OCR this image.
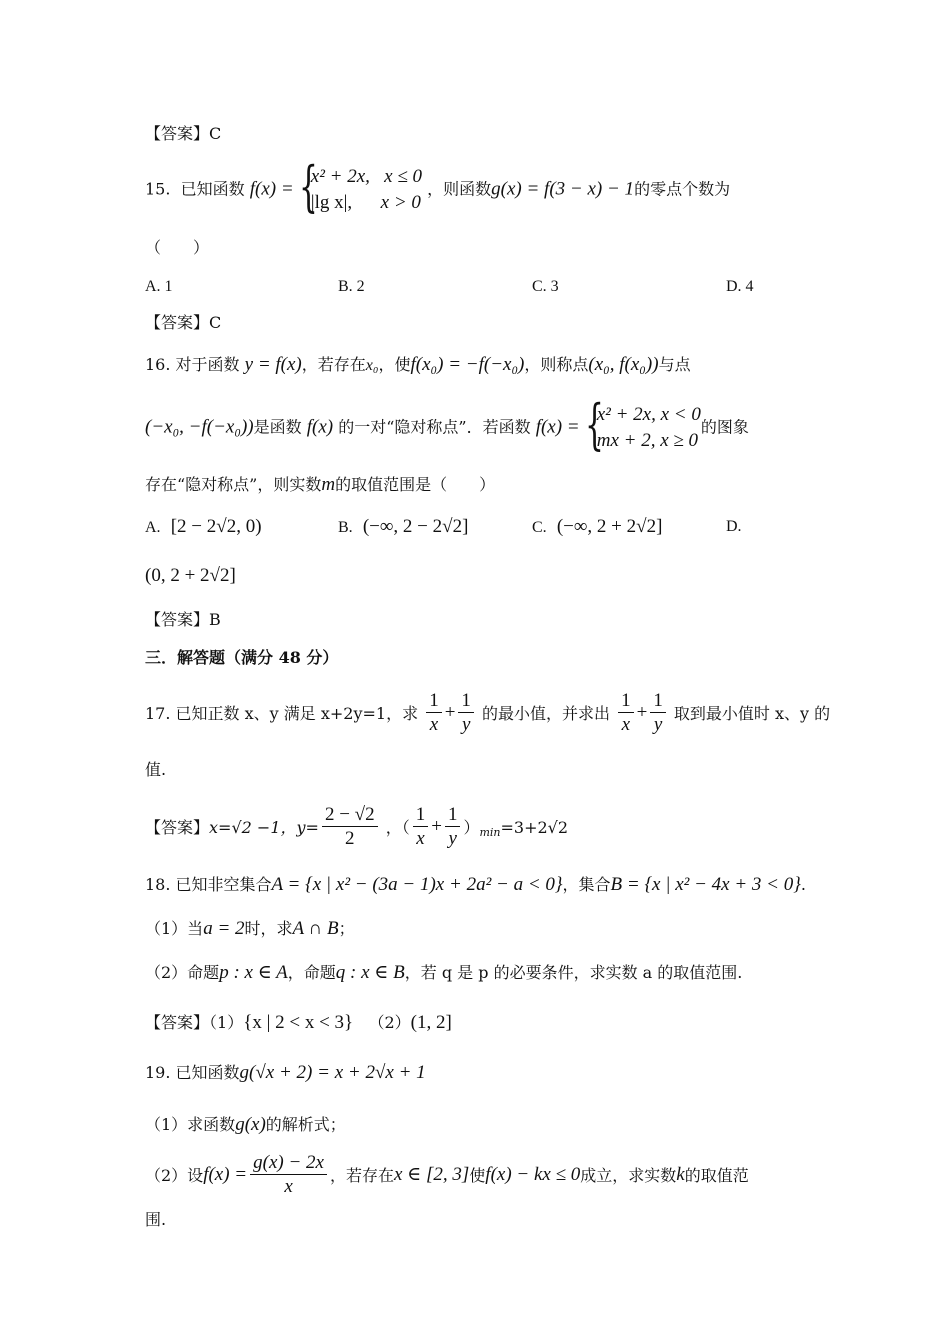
【答案】C
15. 已知函数 f(x) = {
x² + 2x, x ≤ 0
|lg x|, x > 0
，则函数g(x) = f(3 − x) − 1的零点个数为
（　　）
A. 1	B. 2	C. 3	D. 4
【答案】C
16. 对于函数 y = f(x)，若存在x₀，使f(x₀) = −f(−x₀)，则称点(x₀, f(x₀))与点
(−x₀, −f(−x₀))是函数 f(x) 的一对“隐对称点”．若函数 f(x) = {
x² + 2x, x < 0
mx + 2, x ≥ 0
的图象
存在“隐对称点”，则实数m的取值范围是（　　）
A. [2 − 2√2, 0)	B. (−∞, 2 − 2√2]	C. (−∞, 2 + 2√2]	D.
(0, 2 + 2√2]
【答案】B
三．解答题（满分 48 分）
17. 已知正数 x、y 满足 x+2y=1，求 $\frac{1}{x} + \frac{1}{y}$ 的最小值，并求出 $\frac{1}{x} + \frac{1}{y}$ 取到最小值时 x、y 的
值.
【答案】x=√2 −1，$y= \frac{2 - √2}{2}$ ，（ $\frac{1}{x} + \frac{1}{y} )_{min}=3+2√2$
18. 已知非空集合A = {x | x² − (3a − 1)x + 2a² − a < 0}，集合B = {x | x² − 4x + 3 < 0}.
（1）当a = 2时，求A ∩ B；
（2）命题p : x ∈ A，命题q : x ∈ B，若 q 是 p 的必要条件，求实数 a 的取值范围.
【答案】（1）{x | 2 < x < 3} （2）(1, 2]
19. 已知函数g(√x + 2) = x + 2√x + 1
（1）求函数g(x)的解析式；
（2）设$f(x) = \frac{g(x) - 2x}{x}$ ，若存在x ∈ [2, 3]使f(x) − kx ≤ 0成立，求实数k的取值范
围.
